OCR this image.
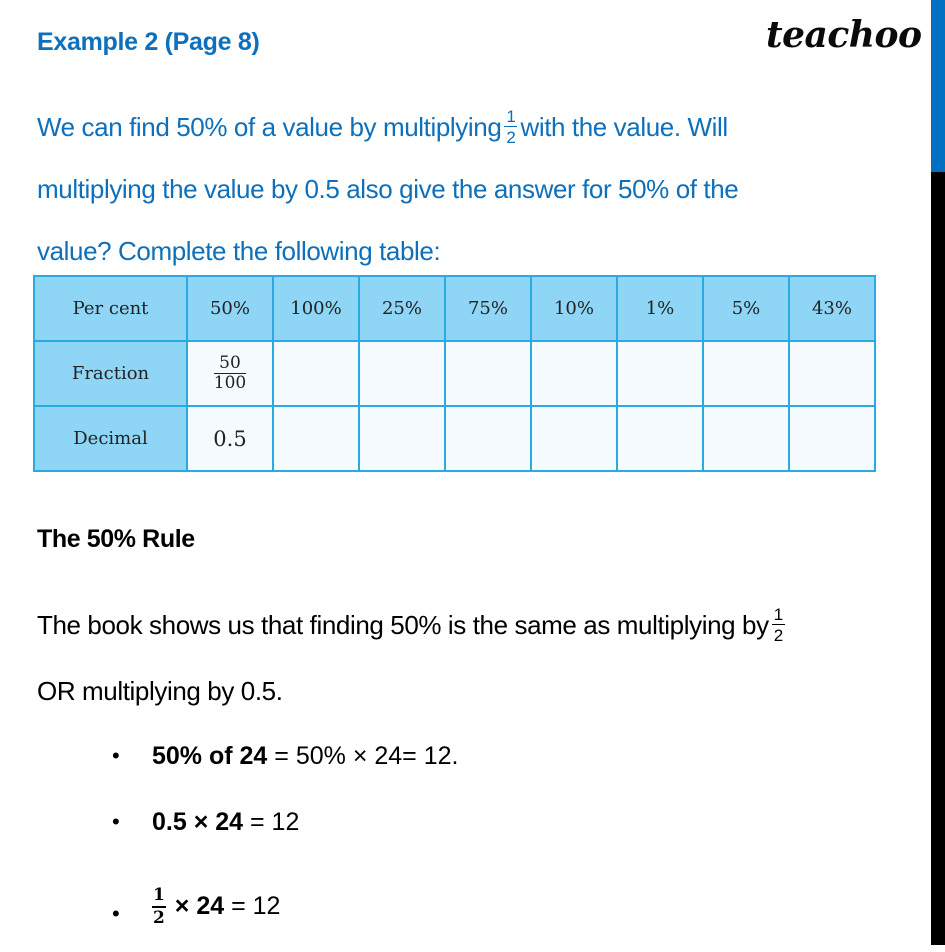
Example 2 (Page 8)	teachoo
We can find 50% of a value by multiplying $\frac{1}{2}$ with the value. Will
multiplying the value by 0.5 also give the answer for 50% of the
value? Complete the following table:
Per cent	50%	100%	25%	75%	10%	1%	5%	43%
Fraction	$\frac{50}{100}$

Decimal	0.5							
The 50% Rule
The book shows us that finding 50% is the same as multiplying by $\frac{1}{2}$
OR multiplying by 0.5.
• 50% of 24 = 50% × 24= 12.
• 0.5 × 24 = 12
• $\frac{1}{2} \times 24 = 12$
